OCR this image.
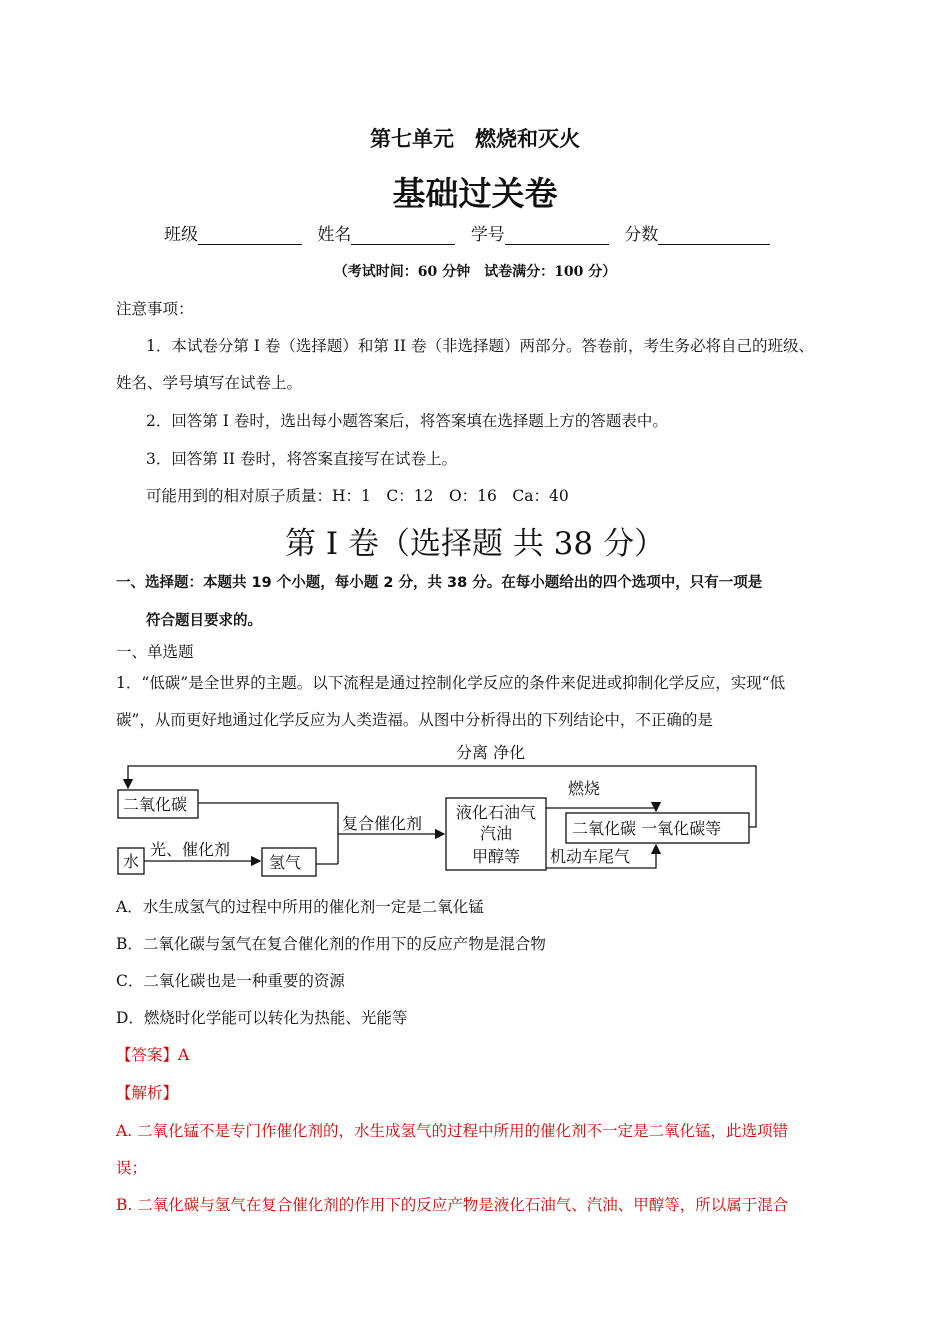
第七单元　燃烧和灭火
基础过关卷
班级	姓名	学号	分数
（考试时间：60 分钟　试卷满分：100 分）
注意事项：
1．本试卷分第 I 卷（选择题）和第 II 卷（非选择题）两部分。答卷前，考生务必将自己的班级、
姓名、学号填写在试卷上。
2．回答第 I 卷时，选出每小题答案后，将答案填在选择题上方的答题表中。
3．回答第 II 卷时，将答案直接写在试卷上。
可能用到的相对原子质量：H：1　C：12　O：16　Ca：40
第 I 卷（选择题 共 38 分）
一、选择题：本题共 19 个小题，每小题 2 分，共 38 分。在每小题给出的四个选项中，只有一项是
符合题目要求的。
一、单选题
1．“低碳”是全世界的主题。以下流程是通过控制化学反应的条件来促进或抑制化学反应，实现“低
碳”，从而更好地通过化学反应为人类造福。从图中分析得出的下列结论中，不正确的是
分离 净化
二氧化碳
水
光、催化剂
氢气
复合催化剂
液化石油气
汽油
甲醇等
燃烧
二氧化碳 一氧化碳等
机动车尾气
A．水生成氢气的过程中所用的催化剂一定是二氧化锰
B．二氧化碳与氢气在复合催化剂的作用下的反应产物是混合物
C．二氧化碳也是一种重要的资源
D．燃烧时化学能可以转化为热能、光能等
【答案】A
【解析】
A. 二氧化锰不是专门作催化剂的，水生成氢气的过程中所用的催化剂不一定是二氧化锰，此选项错
误；
B. 二氧化碳与氢气在复合催化剂的作用下的反应产物是液化石油气、汽油、甲醇等，所以属于混合
